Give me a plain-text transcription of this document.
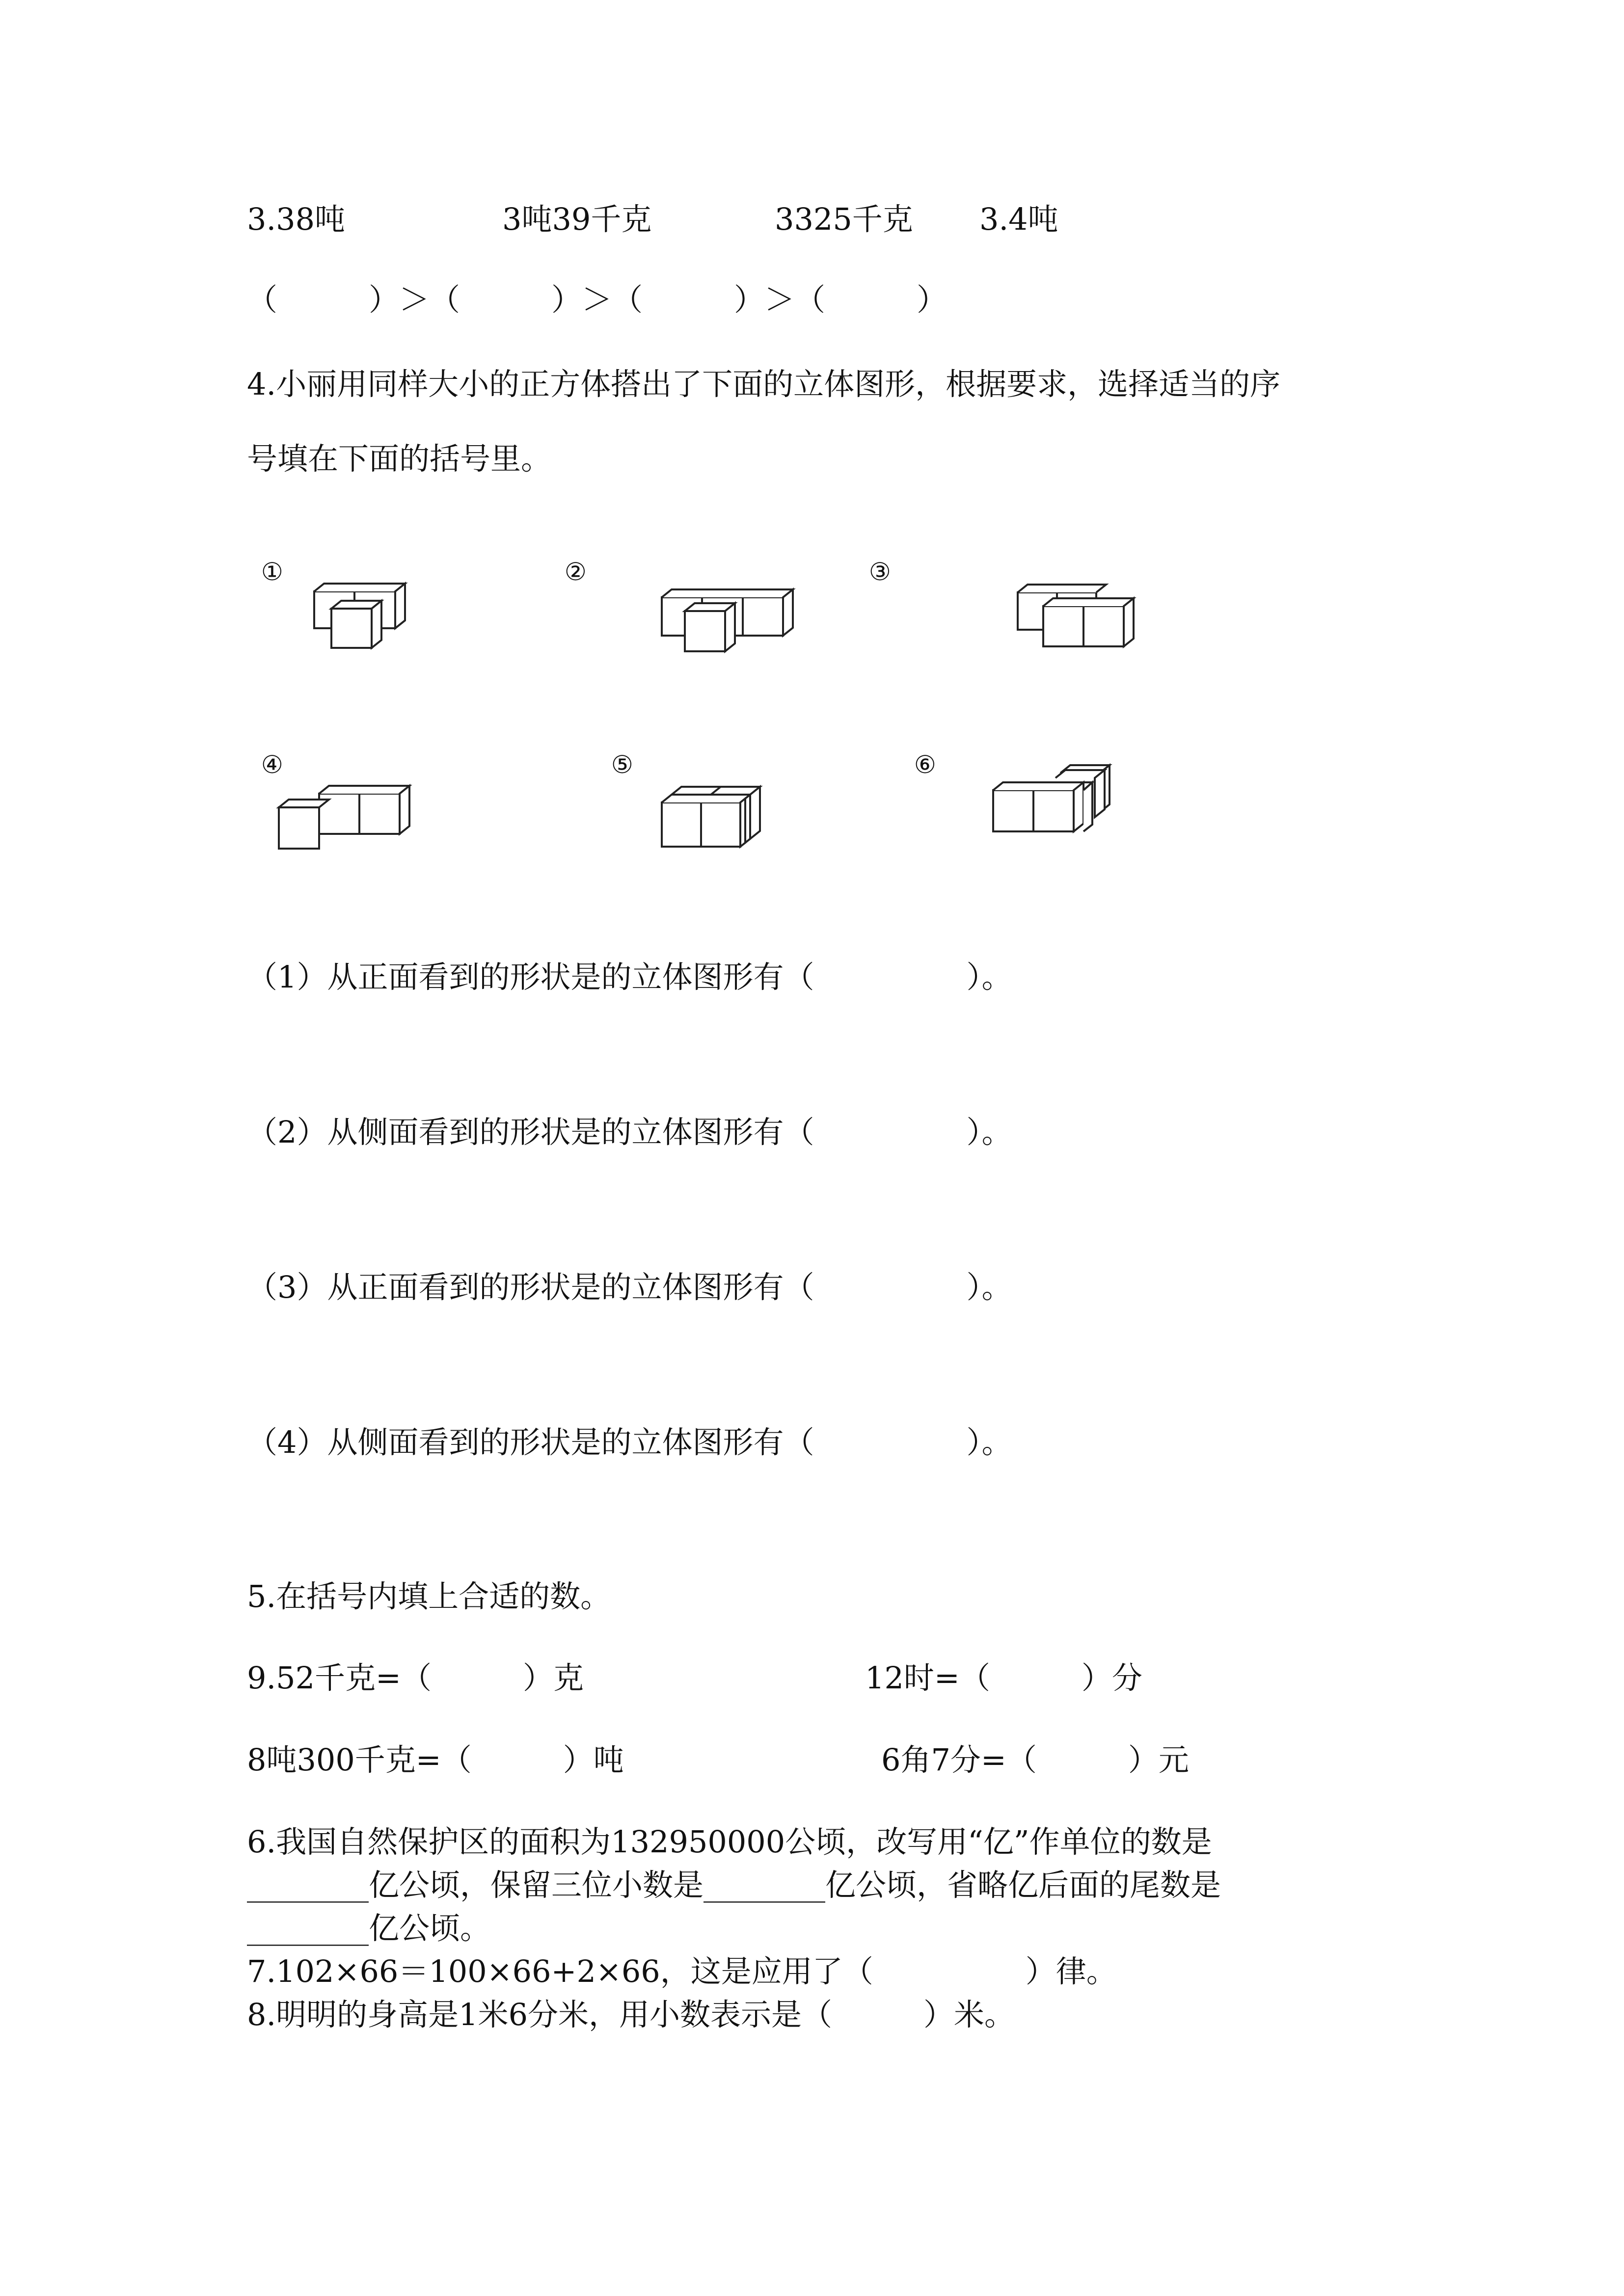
3.38吨	3吨39千克	3325千克 3.4吨
（　　　）＞（　　　）＞（　　　）＞（　　　）
4.小丽用同样大小的正方体搭出了下面的立体图形，根据要求，选择适当的序
号填在下面的括号里。
①	②	③
④	⑤	⑥
（1）从正面看到的形状是的立体图形有（　　　　　）。
（2）从侧面看到的形状是的立体图形有（　　　　　）。
（3）从正面看到的形状是的立体图形有（　　　　　）。
（4）从侧面看到的形状是的立体图形有（　　　　　）。
5.在括号内填上合适的数。
9.52千克=（　　　）克	12时=（　　　）分
8吨300千克=（　　　）吨	6角7分=（　　　）元
6.我国自然保护区的面积为132950000公顷，改写用“亿”作单位的数是
________亿公顷，保留三位小数是________亿公顷，省略亿后面的尾数是
________亿公顷。
7.102×66＝100×66+2×66，这是应用了（　　　　　）律。
8.明明的身高是1米6分米，用小数表示是（　　　）米。
